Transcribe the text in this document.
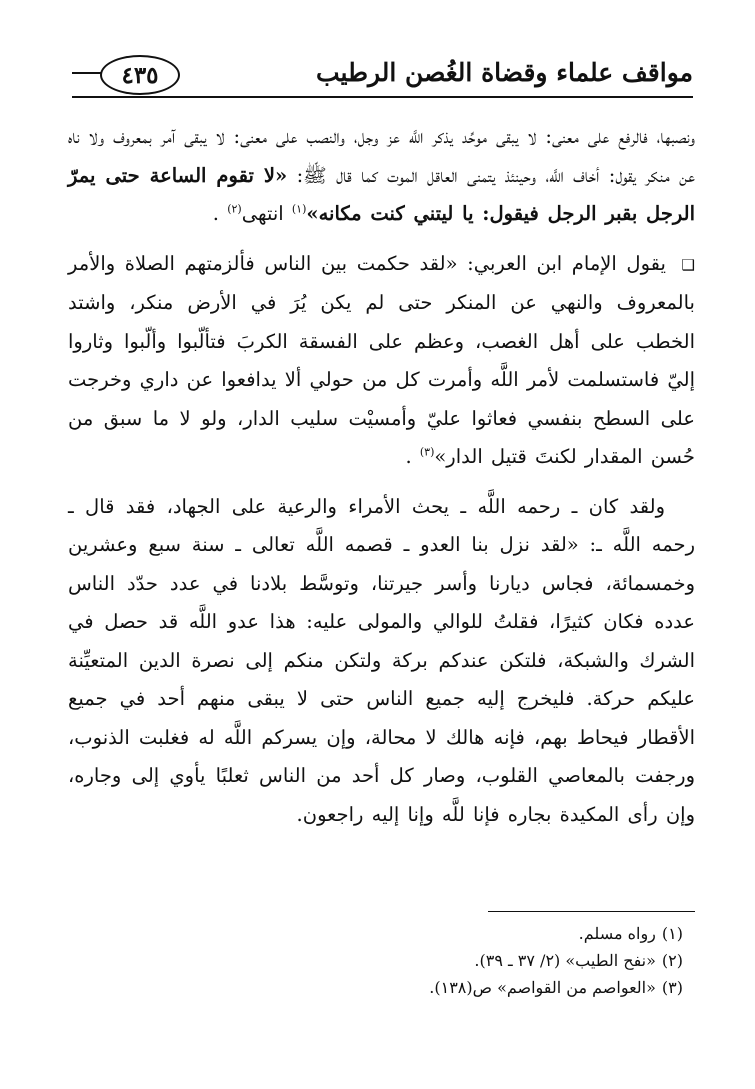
مواقف علماء وقضاة الغُصن الرطيب
٤٣٥

ونصبها، فالرفع على معنى: لا يبقى موحِّد يذكر اللَّه عز وجل، والنصب على معنى: لا يبقى آمر بمعروف ولا ناه عن منكر يقول: أخاف اللَّه، وحينئذ يتمنى العاقل الموت كما قال ﷺ: «لا تقوم الساعة حتى يمرّ الرجل بقبر الرجل فيقول: يا ليتني كنت مكانه»$^{(١)}$ انتهى$^{(٢)}$ .

❑ يقول الإمام ابن العربي: «لقد حكمت بين الناس فألزمتهم الصلاة والأمر بالمعروف والنهي عن المنكر حتى لم يكن يُرَ في الأرض منكر، واشتد الخطب على أهل الغصب، وعظم على الفسقة الكربَ فتألّبوا وألّبوا وثاروا إليّ فاستسلمت لأمر اللَّه وأمرت كل من حولي ألا يدافعوا عن داري وخرجت على السطح بنفسي فعاثوا عليّ وأمسيْت سليب الدار، ولو لا ما سبق من حُسن المقدار لكنتَ قتيل الدار»$^{(٣)}$ .

ولقد كان ـ رحمه اللَّه ـ يحث الأمراء والرعية على الجهاد، فقد قال ـ رحمه اللَّه ـ: «لقد نزل بنا العدو ـ قصمه اللَّه تعالى ـ سنة سبع وعشرين وخمسمائة، فجاس ديارنا وأسر جيرتنا، وتوسَّط بلادنا في عدد حدّد الناس عدده فكان كثيرًا، فقلتُ للوالي والمولى عليه: هذا عدو اللَّه قد حصل في الشرك والشبكة، فلتكن عندكم بركة ولتكن منكم إلى نصرة الدين المتعيِّنة عليكم حركة. فليخرج إليه جميع الناس حتى لا يبقى منهم أحد في جميع الأقطار فيحاط بهم، فإنه هالك لا محالة، وإن يسركم اللَّه له فغلبت الذنوب، ورجفت بالمعاصي القلوب، وصار كل أحد من الناس ثعلبًا يأوي إلى وجاره، وإن رأى المكيدة بجاره فإنا للَّه وإنا إليه راجعون.

(١)رواه مسلم.

(٢)«نفح الطيب» (٢/ ٣٧ ـ ٣٩).

(٣)«العواصم من القواصم» ص(١٣٨).
